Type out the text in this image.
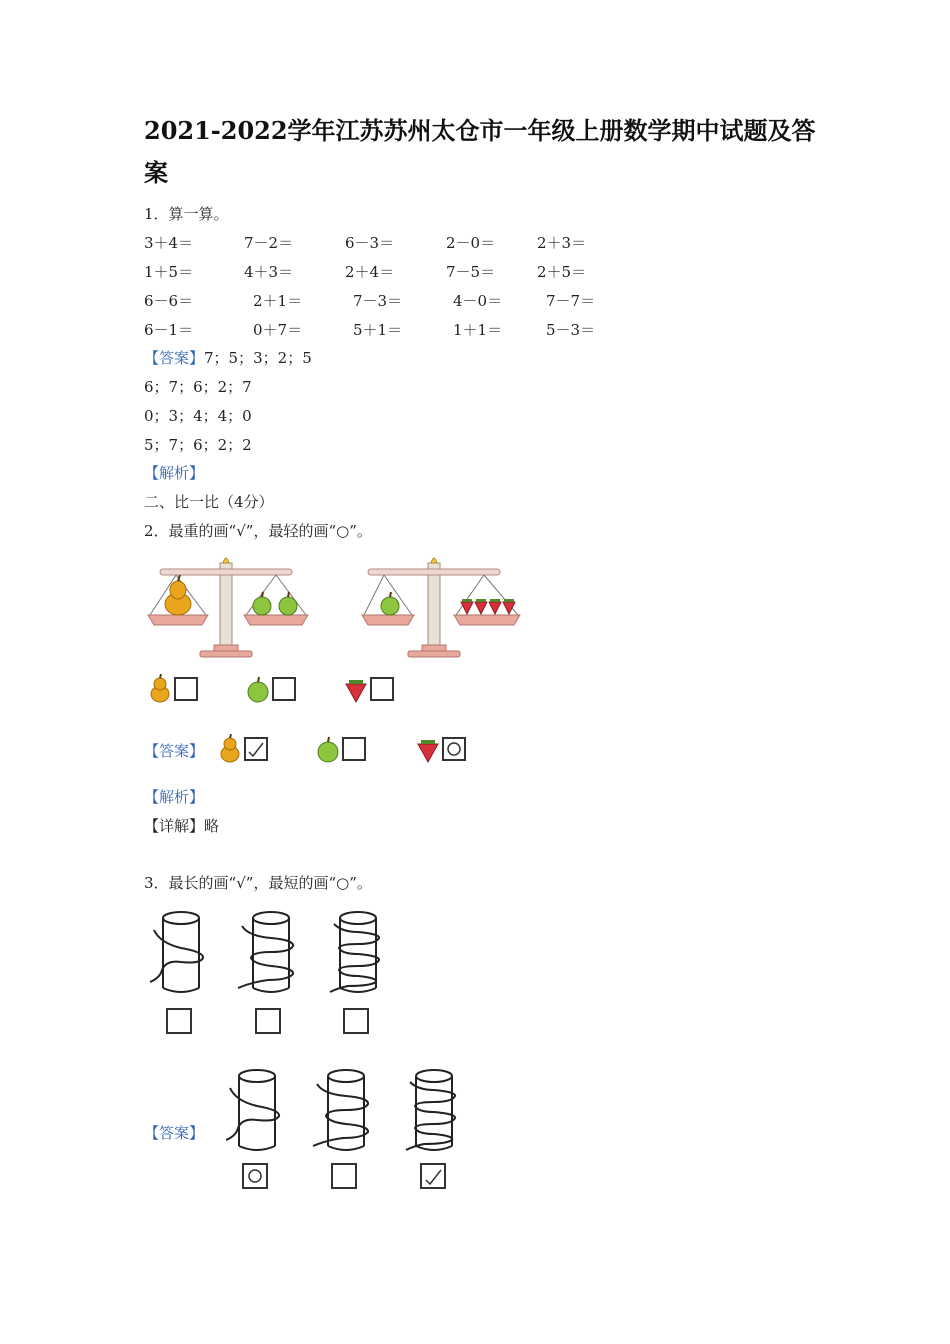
2021-2022学年江苏苏州太仓市一年级上册数学期中试题及答案
1．算一算。
3＋4＝	7－2＝	6－3＝	2－0＝	2＋3＝
1＋5＝	4＋3＝	2＋4＝	7－5＝	2＋5＝
6－6＝	2＋1＝	7－3＝	4－0＝	7－7＝
6－1＝	0＋7＝	5＋1＝	1＋1＝	5－3＝
【答案】7；5；3；2；5
6；7；6；2；7
0；3；4；4；0
5；7；6；2；2
【解析】
二、比一比（4分）
2．最重的画“√”，最轻的画“○”。
【答案】
【解析】
【详解】略
3．最长的画“√”，最短的画“○”。
【答案】
